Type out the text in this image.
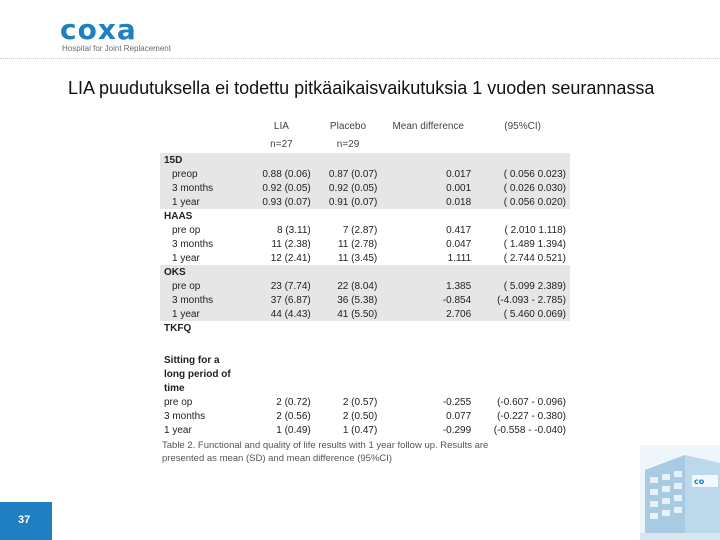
coxa
Hospital for Joint Replacement
LIA puudutuksella ei todettu pitkäaikaisvaikutuksia 1 vuoden seurannassa
	LIA	Placebo	Mean difference	(95%CI)
	n=27	n=29		
15D				
preop	0.88 (0.06)	0.87 (0.07)	0.017	( 0.056 0.023)
3 months	0.92 (0.05)	0.92 (0.05)	0.001	( 0.026 0.030)
1 year	0.93 (0.07)	0.91 (0.07)	0.018	( 0.056 0.020)
HAAS				
pre op	8 (3.11)	7 (2.87)	0.417	( 2.010 1.118)
3 months	11 (2.38)	11 (2.78)	0.047	( 1.489 1.394)
1 year	12 (2.41)	11 (3.45)	1.111	( 2.744 0.521)
OKS				
pre op	23 (7.74)	22 (8.04)	1.385	( 5.099 2.389)
3 months	37 (6.87)	36 (5.38)	-0.854	(-4.093 - 2.785)
1 year	44 (4.43)	41 (5.50)	2.706	( 5.460 0.069)
TKFQ				

Sitting for a				
long period of				
time				
pre op	2 (0.72)	2 (0.57)	-0.255	(-0.607 - 0.096)
3 months	2 (0.56)	2 (0.50)	0.077	(-0.227 - 0.380)
1 year	1 (0.49)	1 (0.47)	-0.299	(-0.558 - -0.040)
Table 2. Functional and quality of life results with 1 year follow up. Results are presented as mean (SD) and mean difference (95%CI)
37
co
